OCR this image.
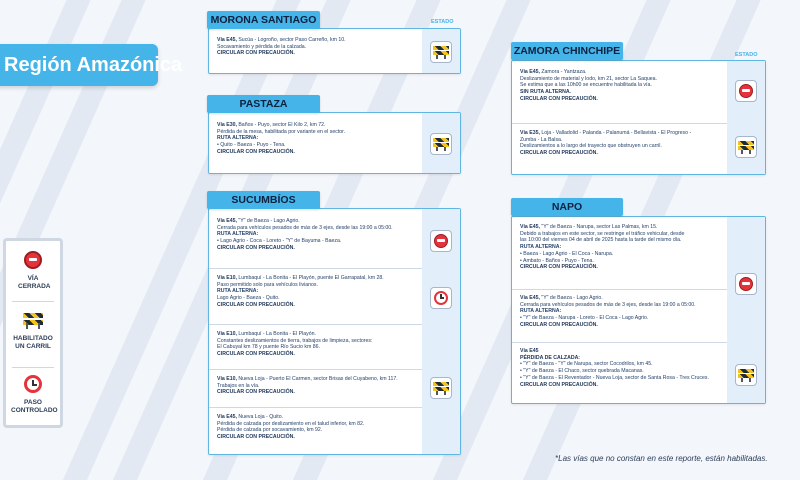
Región Amazónica
VÍA CERRADA
HABILITADO UN CARRIL
PASO CONTROLADO
MORONA SANTIAGO	ESTADO
Vía E45, Sucúa - Logroño, sector Paso Carreño, km 10.
Socavamiento y pérdida de la calzada.

CIRCULAR CON PRECAUCIÓN.
PASTAZA
Vía E30, Baños - Puyo, sector El Kilo 2, km 72.
Pérdida de la mesa, habilitada por variante en el sector.
RUTA ALTERNA:
• Quito - Baeza - Puyo - Tena.
CIRCULAR CON PRECAUCIÓN.
SUCUMBÍOS
Vía E45, "Y" de Baeza - Lago Agrio.
Cerrada para vehículos pesados de más de 3 ejes, desde las 19:00 a 05:00.
RUTA ALTERNA:
• Lago Agrio - Coca - Loreto - "Y" de Bayuma - Baeza.
CIRCULAR CON PRECAUCIÓN.
Vía E10, Lumbaquí - La Bonita - El Playón, puente El Garrapatal, km 28.
Paso permitido solo para vehículos livianos.
RUTA ALTERNA:
Lago Agrio - Baeza - Quito.
CIRCULAR CON PRECAUCIÓN.
Vía E10, Lumbaquí - La Bonita - El Playón.
Constantes deslizamientos de tierra, trabajos de limpieza, sectores:
El Cabuyal km 78 y puente Río Sucio km 86.
CIRCULAR CON PRECAUCIÓN.
Vía E10, Nueva Loja - Puerto El Carmen, sector Brisas del Cuyabeno, km 117.
Trabajos en la vía.
CIRCULAR CON PRECAUCIÓN.
Vía E45, Nueva Loja - Quito.
Pérdida de calzada por deslizamiento en el talud inferior, km 82.
Pérdida de calzada por socavamiento, km 92.
CIRCULAR CON PRECAUCIÓN.
ZAMORA CHINCHIPE	ESTADO
Vía E45, Zamora - Yantzaza.
Deslizamiento de material y lodo, km 21, sector La Saquea.
Se estima que a las 10h00 se encuentre habilitada la vía.
SIN RUTA ALTERNA.
CIRCULAR CON PRECAUCIÓN.
Vía E35, Loja - Valladolid - Palanda - Palanumá - Bellavista - El Progreso -
Zumba - La Balsa.
Deslizamientos a lo largo del trayecto que obstruyen un carril.
CIRCULAR CON PRECAUCIÓN.
NAPO
Vía E45, "Y" de Baeza - Narupa, sector Las Palmas, km 15.
Debido a trabajos en este sector, se restringe el tráfico vehicular, desde
las 10:00 del viernes 04 de abril de 2025 hasta la tarde del mismo día.
RUTA ALTERNA:
• Baeza - Lago Agrio - El Coca - Narupa.
• Ambato - Baños - Puyo - Tena.
CIRCULAR CON PRECAUCIÓN.
Vía E45, "Y" de Baeza - Lago Agrio.
Cerrada para vehículos pesados de más de 3 ejes, desde las 19:00 a 05:00.
RUTA ALTERNA:
• "Y" de Baeza - Narupa - Loreto - El Coca - Lago Agrio.
CIRCULAR CON PRECAUCIÓN.
Vía E45
PÉRDIDA DE CALZADA:
• "Y" de Baeza - "Y" de Narupa, sector Cocodrilos, km 45.
• "Y" de Baeza - El Chaco, sector quebrada Macanas.
• "Y" de Baeza - El Reventador - Nueva Loja, sector de Santa Rosa - Tres Cruces.
CIRCULAR CON PRECAUCIÓN.
*Las vías que no constan en este reporte, están habilitadas.
